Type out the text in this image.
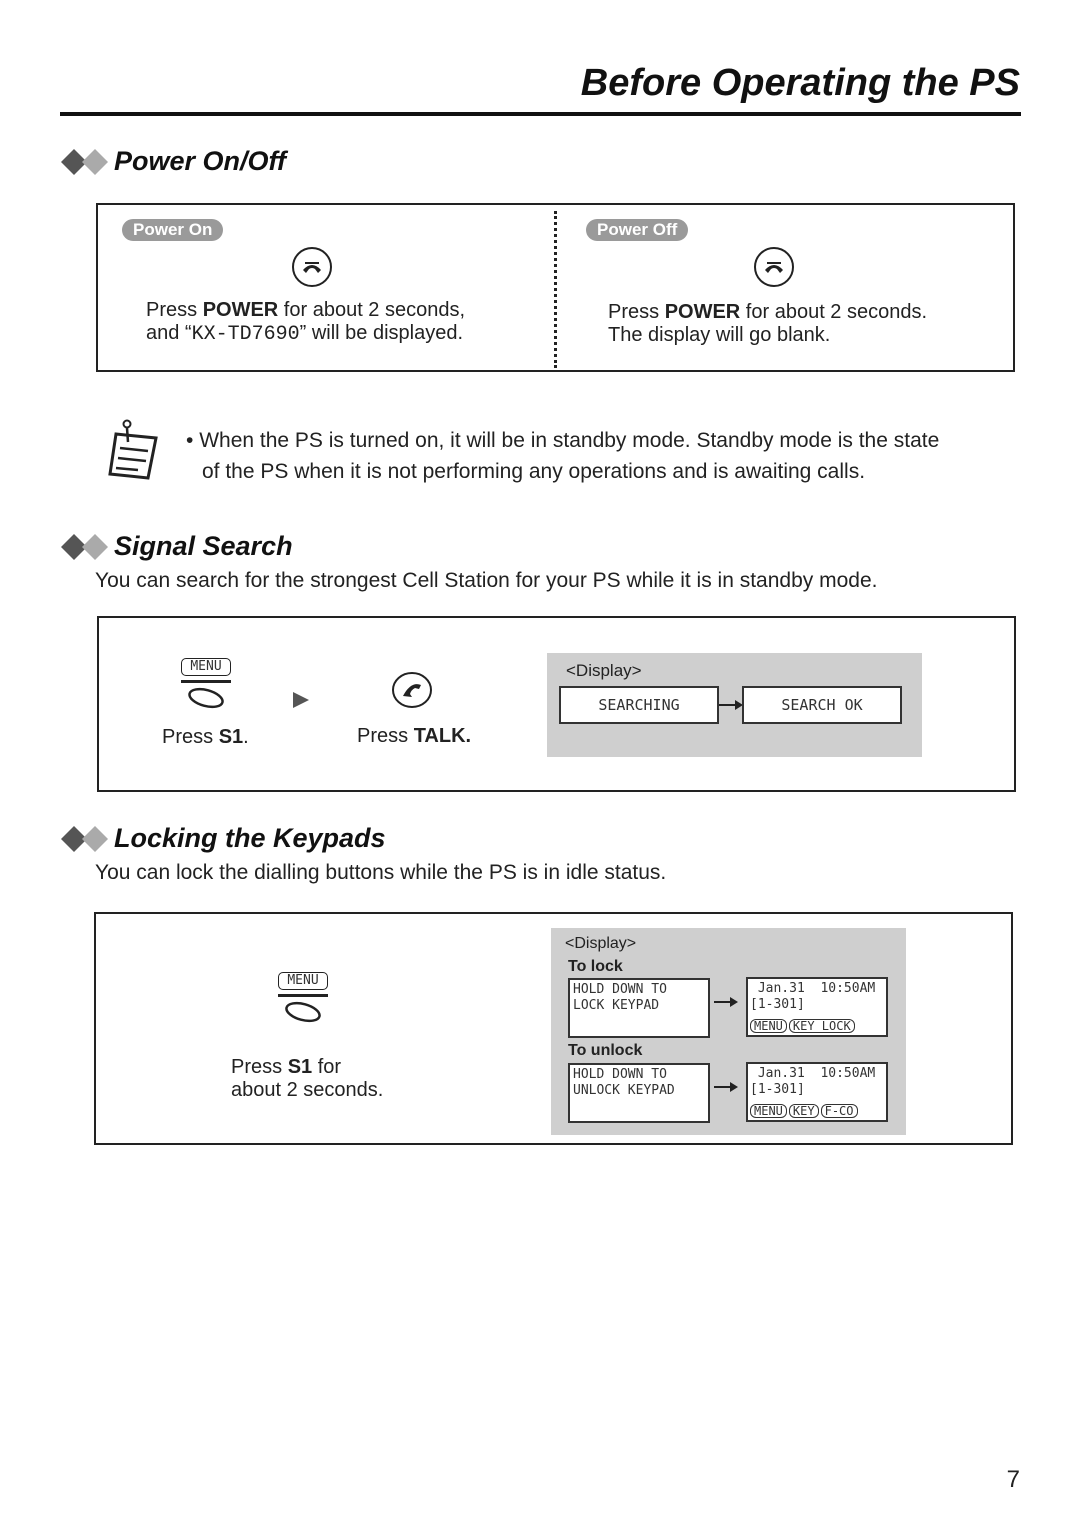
Before Operating the PS
Power On/Off
Power On
Press POWER for about 2 seconds,
and “KX-TD7690” will be displayed.
Power Off
Press POWER for about 2 seconds.
The display will go blank.
• When the PS is turned on, it will be in standby mode. Standby mode is the state
of the PS when it is not performing any operations and is awaiting calls.
Signal Search
You can search for the strongest Cell Station for your PS while it is in standby mode.
MENU
Press S1.	Press TALK.
<Display>
SEARCHING	SEARCH OK
Locking the Keypads
You can lock the dialling buttons while the PS is in idle status.
MENU
Press S1 for
about 2 seconds.
<Display>
To lock
HOLD DOWN TO
LOCK KEYPAD
Jan.31  10:50AM
[1-301]
MENU KEY LOCK
To unlock
HOLD DOWN TO
UNLOCK KEYPAD
Jan.31  10:50AM
[1-301]
MENU KEY F-CO
7
